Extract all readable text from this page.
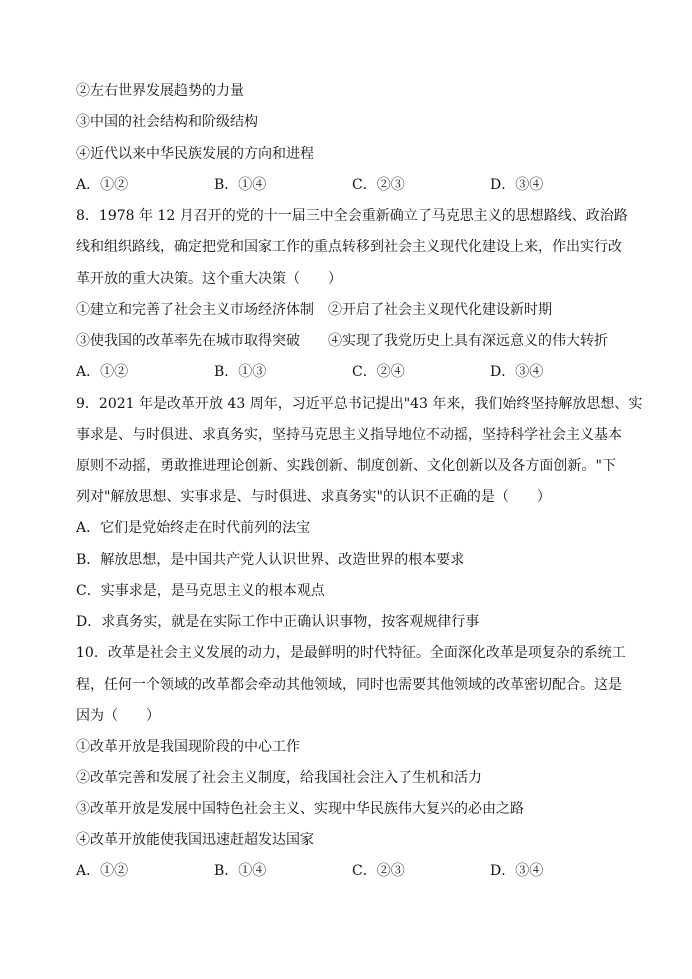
②左右世界发展趋势的力量
③中国的社会结构和阶级结构
④近代以来中华民族发展的方向和进程
A．①②	B．①④	C．②③	D．③④
8．1978 年 12 月召开的党的十一届三中全会重新确立了马克思主义的思想路线、政治路
线和组织路线，确定把党和国家工作的重点转移到社会主义现代化建设上来，作出实行改
革开放的重大决策。这个重大决策（　　）
①建立和完善了社会主义市场经济体制　②开启了社会主义现代化建设新时期
③使我国的改革率先在城市取得突破　　④实现了我党历史上具有深远意义的伟大转折
A．①②	B．①③	C．②④	D．③④
9．2021 年是改革开放 43 周年，习近平总书记提出"43 年来，我们始终坚持解放思想、实
事求是、与时俱进、求真务实，坚持马克思主义指导地位不动摇，坚持科学社会主义基本
原则不动摇，勇敢推进理论创新、实践创新、制度创新、文化创新以及各方面创新。"下
列对"解放思想、实事求是、与时俱进、求真务实"的认识不正确的是（　　）
A．它们是党始终走在时代前列的法宝
B．解放思想，是中国共产党人认识世界、改造世界的根本要求
C．实事求是，是马克思主义的根本观点
D．求真务实，就是在实际工作中正确认识事物，按客观规律行事
10．改革是社会主义发展的动力，是最鲜明的时代特征。全面深化改革是项复杂的系统工
程，任何一个领域的改革都会牵动其他领域，同时也需要其他领域的改革密切配合。这是
因为（　　）
①改革开放是我国现阶段的中心工作
②改革完善和发展了社会主义制度，给我国社会注入了生机和活力
③改革开放是发展中国特色社会主义、实现中华民族伟大复兴的必由之路
④改革开放能使我国迅速赶超发达国家
A．①②	B．①④	C．②③	D．③④
